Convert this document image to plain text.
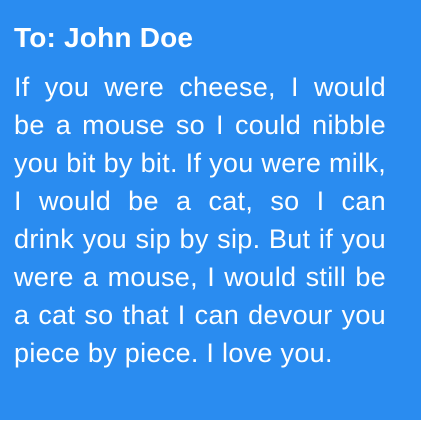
To: John Doe

If you were cheese, I would be a mouse so I could nibble you bit by bit. If you were milk, I would be a cat, so I can drink you sip by sip. But if you were a mouse, I would still be a cat so that I can devour you piece by piece. I love you.
